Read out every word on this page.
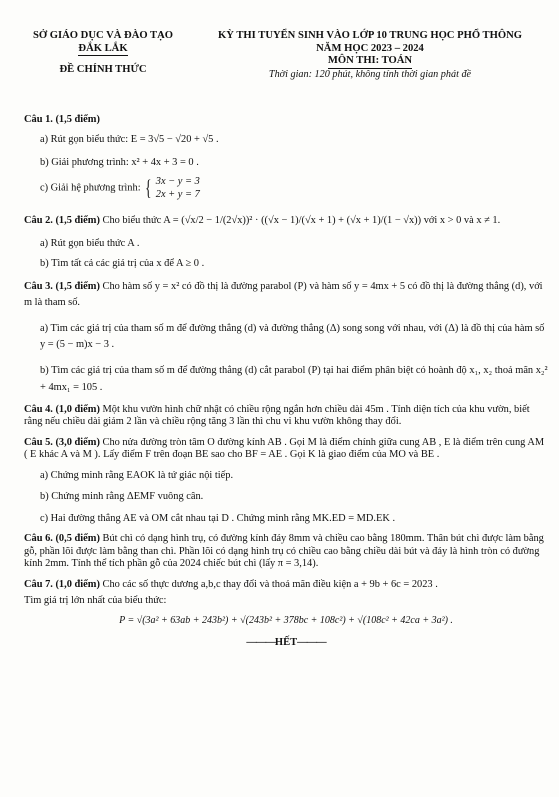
SỞ GIÁO DỤC VÀ ĐÀO TẠO
ĐẮK LẮK
ĐỀ CHÍNH THỨC
KỲ THI TUYỂN SINH VÀO LỚP 10 TRUNG HỌC PHỔ THÔNG
NĂM HỌC 2023 – 2024
MÔN THI: TOÁN
Thời gian: 120 phút, không tính thời gian phát đề
Câu 1. (1,5 điểm)
a) Rút gọn biểu thức: E = 3√5 − √20 + √5 .
b) Giải phương trình: x² + 4x + 3 = 0 .
c) Giải hệ phương trình: { 3x − y = 3
2x + y = 7
Câu 2. (1,5 điểm) Cho biểu thức A = (√x/2 − 1/(2√x))² · ((√x − 1)/(√x + 1) + (√x + 1)/(1 − √x)) với x > 0 và x ≠ 1.
a) Rút gọn biểu thức A .
b) Tìm tất cả các giá trị của x để A ≥ 0 .
Câu 3. (1,5 điểm) Cho hàm số y = x² có đồ thị là đường parabol (P) và hàm số y = 4mx + 5 có đồ thị là đường thẳng (d), với m là tham số.
a) Tìm các giá trị của tham số m để đường thẳng (d) và đường thẳng (Δ) song song với nhau, với (Δ) là đồ thị của hàm số y = (5 − m)x − 3 .
b) Tìm các giá trị của tham số m để đường thẳng (d) cắt parabol (P) tại hai điểm phân biệt có hoành độ x₁, x₂ thoả mãn x₂² + 4mx₁ = 105 .
Câu 4. (1,0 điểm) Một khu vườn hình chữ nhật có chiều rộng ngắn hơn chiều dài 45m . Tính diện tích của khu vườn, biết rằng nếu chiều dài giảm 2 lần và chiều rộng tăng 3 lần thì chu vi khu vườn không thay đổi.
Câu 5. (3,0 điểm) Cho nửa đường tròn tâm O đường kính AB . Gọi M là điểm chính giữa cung AB , E là điểm trên cung AM ( E khác A và M ). Lấy điểm F trên đoạn BE sao cho BF = AE . Gọi K là giao điểm của MO và BE .
a) Chứng minh rằng EAOK là tứ giác nội tiếp.
b) Chứng minh rằng ΔEMF vuông cân.
c) Hai đường thẳng AE và OM cắt nhau tại D . Chứng minh rằng MK.ED = MD.EK .
Câu 6. (0,5 điểm) Bút chì có dạng hình trụ, có đường kính đáy 8mm và chiều cao bằng 180mm. Thân bút chì được làm bằng gỗ, phần lõi được làm bằng than chì. Phần lõi có dạng hình trụ có chiều cao bằng chiều dài bút và đáy là hình tròn có đường kính 2mm. Tính thể tích phần gỗ của 2024 chiếc bút chì (lấy π = 3,14).
Câu 7. (1,0 điểm) Cho các số thực dương a,b,c thay đổi và thoả mãn điều kiện a + 9b + 6c = 2023 .
Tìm giá trị lớn nhất của biểu thức:
P = √(3a² + 63ab + 243b²) + √(243b² + 378bc + 108c²) + √(108c² + 42ca + 3a²) .
———HẾT———
